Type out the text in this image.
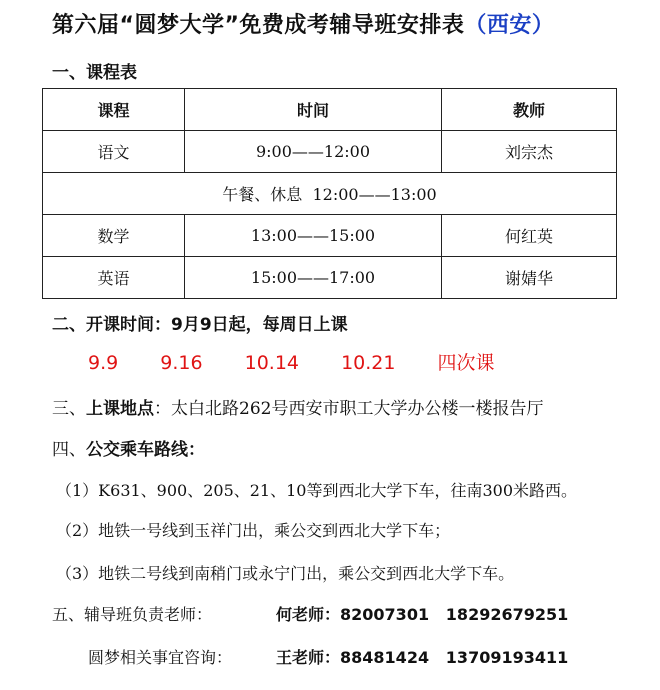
第六届“圆梦大学”免费成考辅导班安排表（西安）
一、课程表
课程	时间	教师
语文	9:00——12:00	刘宗杰
午餐、休息  12:00——13:00		
数学	13:00——15:00	何红英
英语	15:00——17:00	谢婧华
二、开课时间：9月9日起，每周日上课
9.9 9.16 10.14 10.21 四次课
三、上课地点：太白北路262号西安市职工大学办公楼一楼报告厅
四、公交乘车路线：
（1）K631、900、205、21、10等到西北大学下车，往南300米路西。
（2）地铁一号线到玉祥门出，乘公交到西北大学下车；
（3）地铁二号线到南稍门或永宁门出，乘公交到西北大学下车。
五、辅导班负责老师：	何老师：82007301 18292679251
圆梦相关事宜咨询：	王老师：88481424 13709193411
